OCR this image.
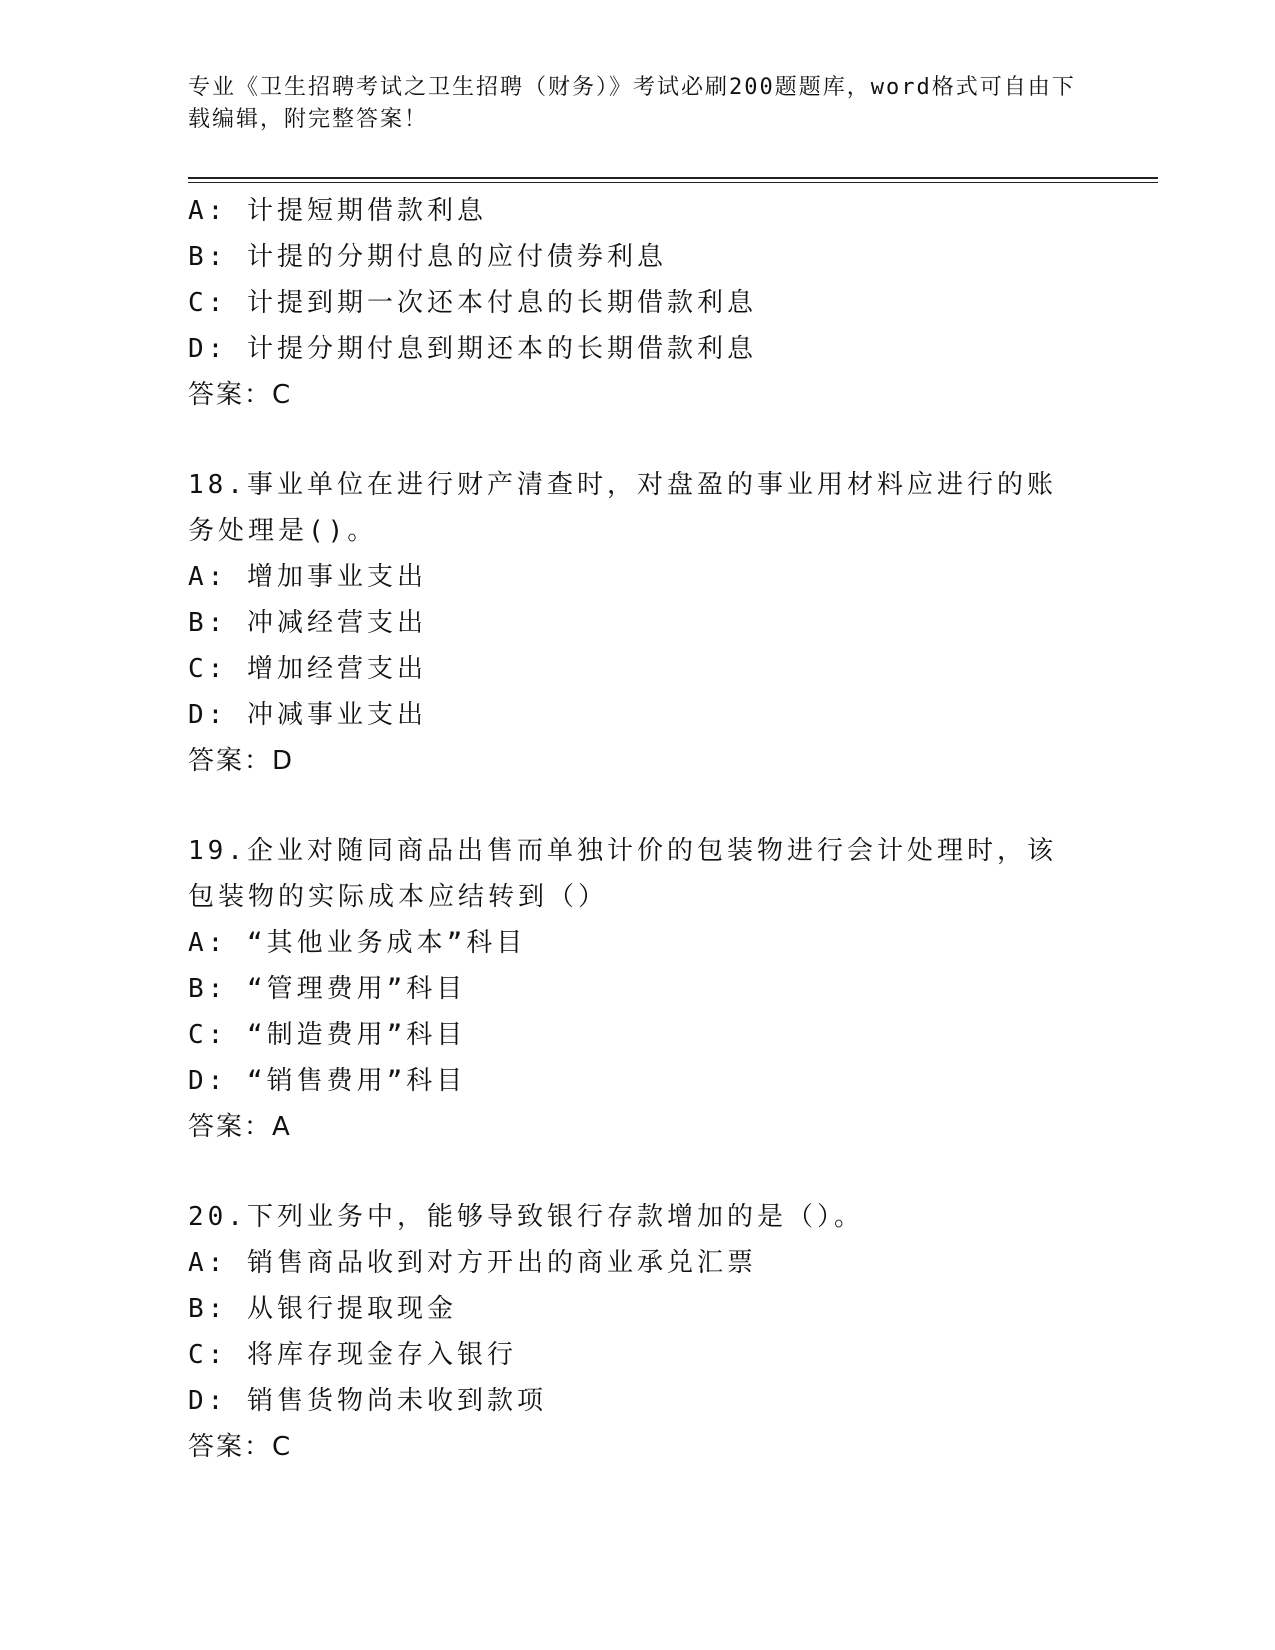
专业《卫生招聘考试之卫生招聘（财务）》考试必刷200题题库，word格式可自由下载编辑，附完整答案！
A: 计提短期借款利息
B: 计提的分期付息的应付债券利息
C: 计提到期一次还本付息的长期借款利息
D: 计提分期付息到期还本的长期借款利息
答案：C
18.事业单位在进行财产清查时，对盘盈的事业用材料应进行的账务处理是()。
A: 增加事业支出
B: 冲减经营支出
C: 增加经营支出
D: 冲减事业支出
答案：D
19.企业对随同商品出售而单独计价的包装物进行会计处理时，该包装物的实际成本应结转到（）
A: “其他业务成本”科目
B: “管理费用”科目
C: “制造费用”科目
D: “销售费用”科目
答案：A
20.下列业务中，能够导致银行存款增加的是（）。
A: 销售商品收到对方开出的商业承兑汇票
B: 从银行提取现金
C: 将库存现金存入银行
D: 销售货物尚未收到款项
答案：C
